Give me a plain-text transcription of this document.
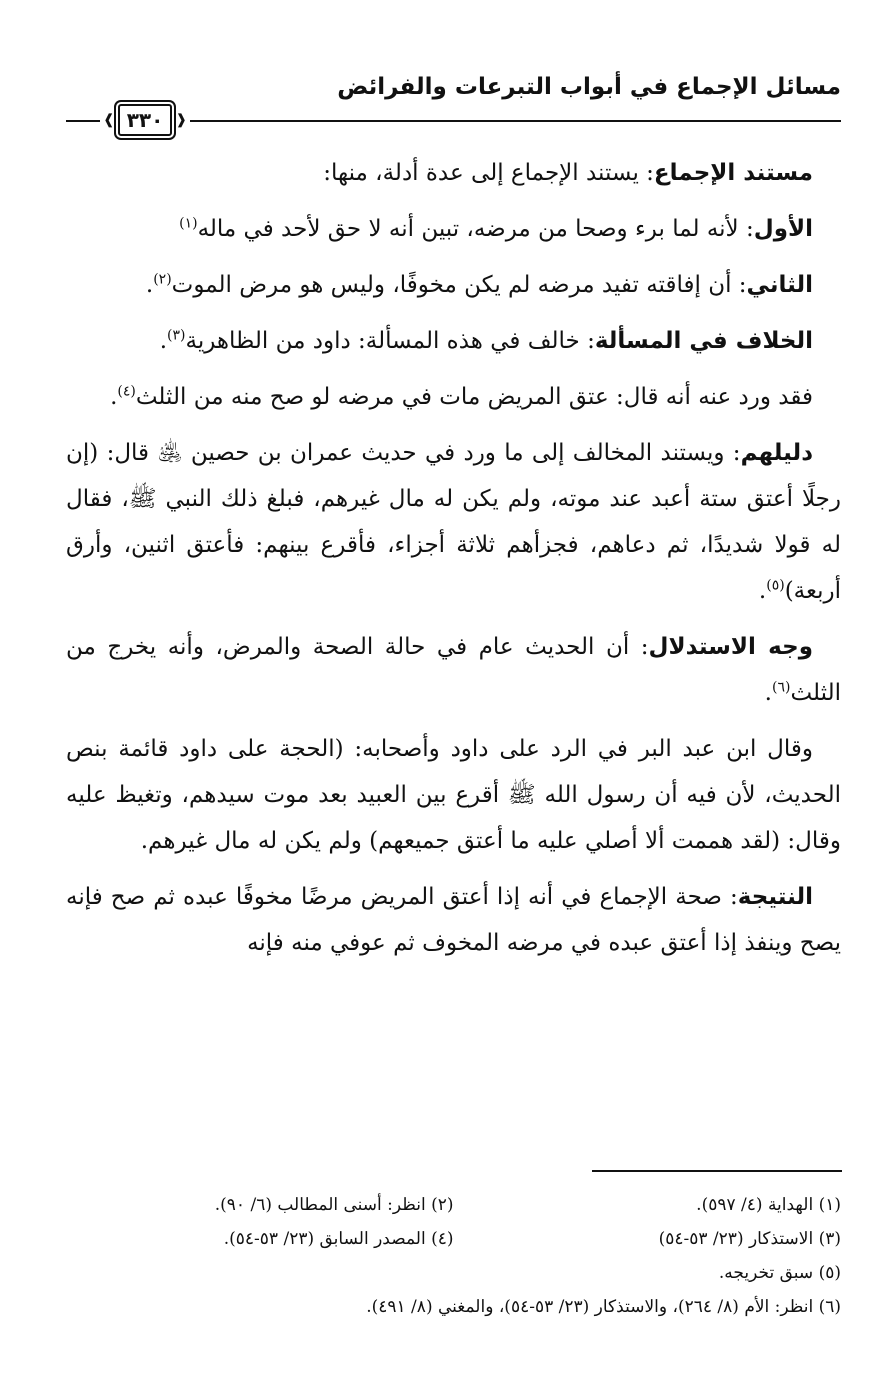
مسائل الإجماع في أبواب التبرعات والفرائض
❰
٣٣٠
❱

مستند الإجماع: يستند الإجماع إلى عدة أدلة، منها:

الأول: لأنه لما برء وصحا من مرضه، تبين أنه لا حق لأحد في ماله$^{(١)}$

الثاني: أن إفاقته تفيد مرضه لم يكن مخوفًا، وليس هو مرض الموت$^{(٢)}$.

الخلاف في المسألة: خالف في هذه المسألة: داود من الظاهرية$^{(٣)}$.

فقد ورد عنه أنه قال: عتق المريض مات في مرضه لو صح منه من الثلث$^{(٤)}$.

دليلهم: ويستند المخالف إلى ما ورد في حديث عمران بن حصين ﵁ قال: (إن رجلًا أعتق ستة أعبد عند موته، ولم يكن له مال غيرهم، فبلغ ذلك النبي ﷺ، فقال له قولا شديدًا، ثم دعاهم، فجزأهم ثلاثة أجزاء، فأقرع بينهم: فأعتق اثنين، وأرق أربعة)$^{(٥)}$.

وجه الاستدلال: أن الحديث عام في حالة الصحة والمرض، وأنه يخرج من الثلث$^{(٦)}$.

وقال ابن عبد البر في الرد على داود وأصحابه: (الحجة على داود قائمة بنص الحديث، لأن فيه أن رسول الله ﷺ أقرع بين العبيد بعد موت سيدهم، وتغيظ عليه وقال: (لقد هممت ألا أصلي عليه ما أعتق جميعهم) ولم يكن له مال غيرهم.

النتيجة: صحة الإجماع في أنه إذا أعتق المريض مرضًا مخوفًا عبده ثم صح فإنه يصح وينفذ إذا أعتق عبده في مرضه المخوف ثم عوفي منه فإنه

(١) الهداية (٤/ ٥٩٧).
(٢) انظر: أسنى المطالب (٦/ ٩٠).
(٣) الاستذكار (٢٣/ ٥٣-٥٤)
(٤) المصدر السابق (٢٣/ ٥٣-٥٤).
(٥) سبق تخريجه.
(٦) انظر: الأم (٨/ ٢٦٤)، والاستذكار (٢٣/ ٥٣-٥٤)، والمغني (٨/ ٤٩١).
